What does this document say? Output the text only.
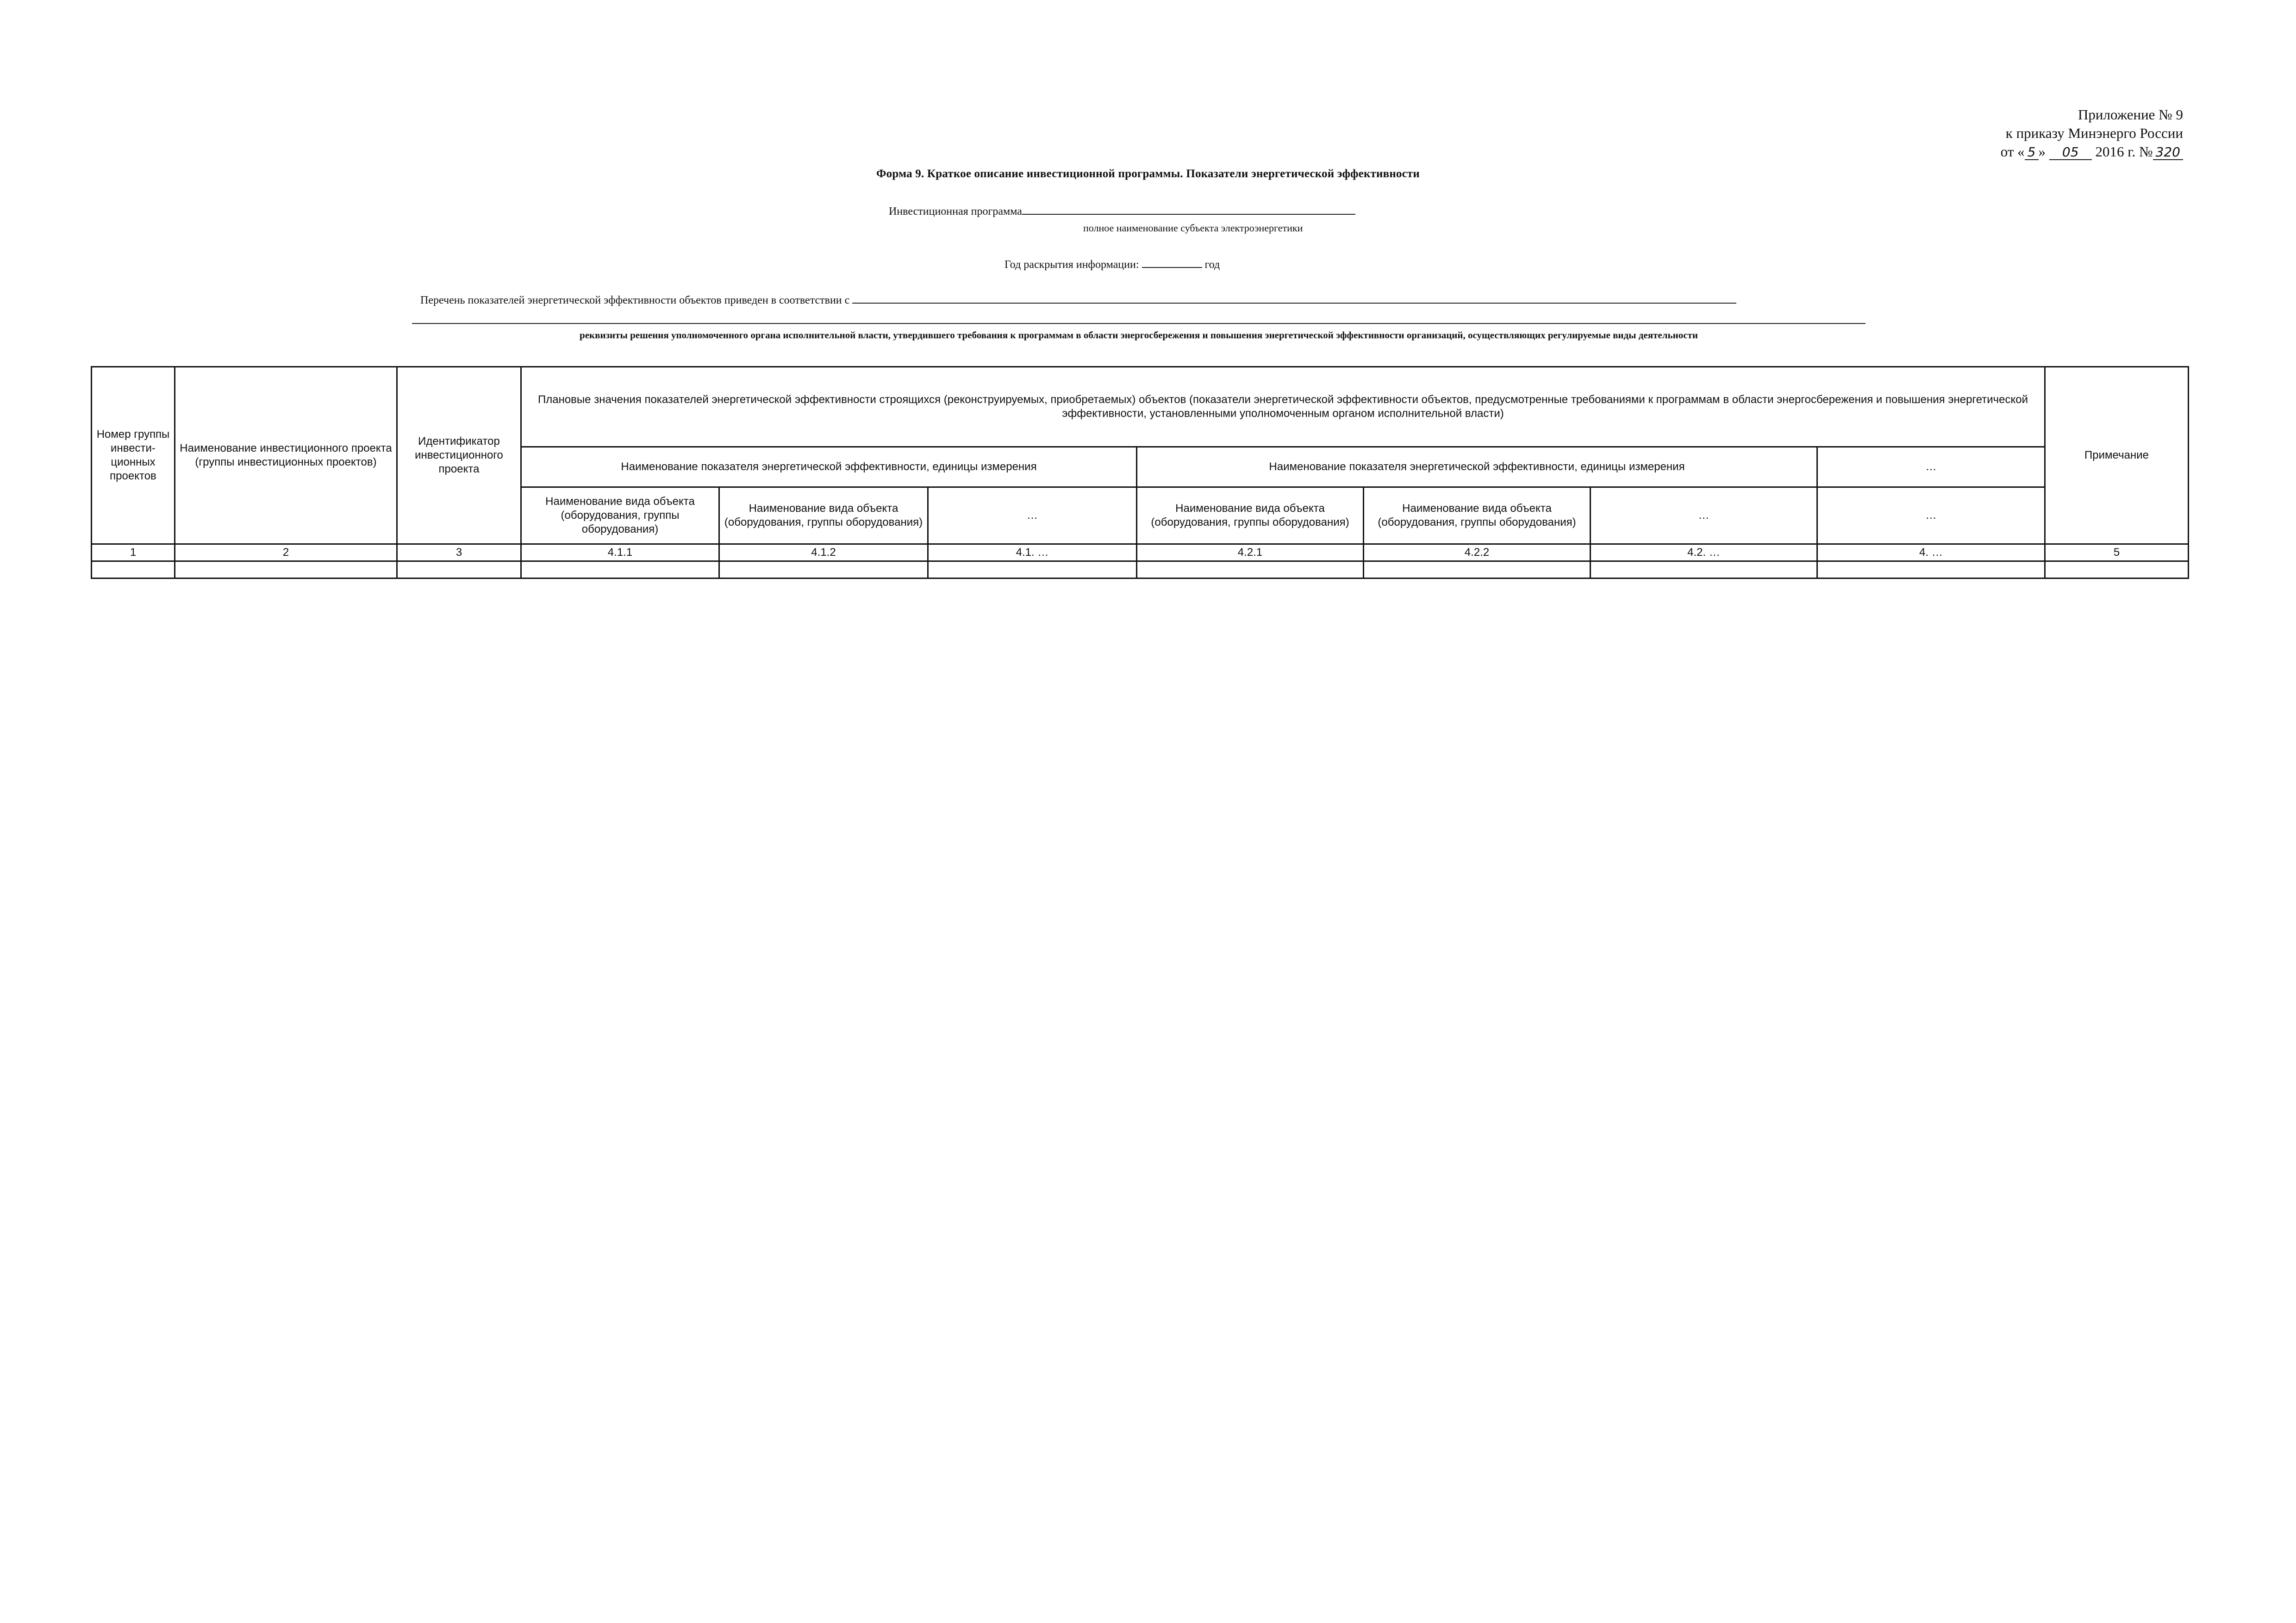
Приложение № 9
к приказу Минэнерго России
от « 5 » 05 2016 г. № 320
Форма 9. Краткое описание инвестиционной программы. Показатели энергетической эффективности
Инвестиционная программа
полное наименование субъекта электроэнергетики
Год раскрытия информации:	год
Перечень показателей энергетической эффективности объектов приведен в соответствии с
реквизиты решения уполномоченного органа исполнительной власти, утвердившего требования к программам в области энергосбережения и повышения энергетической эффективности организаций, осуществляющих регулируемые виды деятельности
Номер группы инвести-ционных проектов	Наименование инвестиционного проекта (группы инвестиционных проектов)	Идентификатор инвестиционного проекта	Плановые значения показателей энергетической эффективности строящихся (реконструируемых, приобретаемых) объектов (показатели энергетической эффективности объектов, предусмотренные требованиями к программам в области энергосбережения и повышения энергетической эффективности, установленными уполномоченным органом исполнительной власти)							Примечание
			Наименование показателя энергетической эффективности, единицы измерения			Наименование показателя энергетической эффективности, единицы измерения			…	
			Наименование вида объекта (оборудования, группы оборудования)	Наименование вида объекта (оборудования, группы оборудования)	…	Наименование вида объекта (оборудования, группы оборудования)	Наименование вида объекта (оборудования, группы оборудования)	…	…	
1	2	3	4.1.1	4.1.2	4.1. …	4.2.1	4.2.2	4.2. …	4. …	5
